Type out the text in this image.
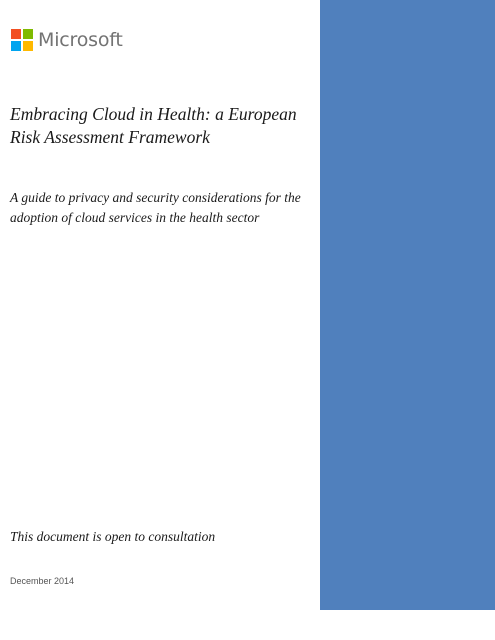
Microsoft
Embracing Cloud in Health: a European Risk Assessment Framework
A guide to privacy and security considerations for the adoption of cloud services in the health sector
This document is open to consultation
December 2014
